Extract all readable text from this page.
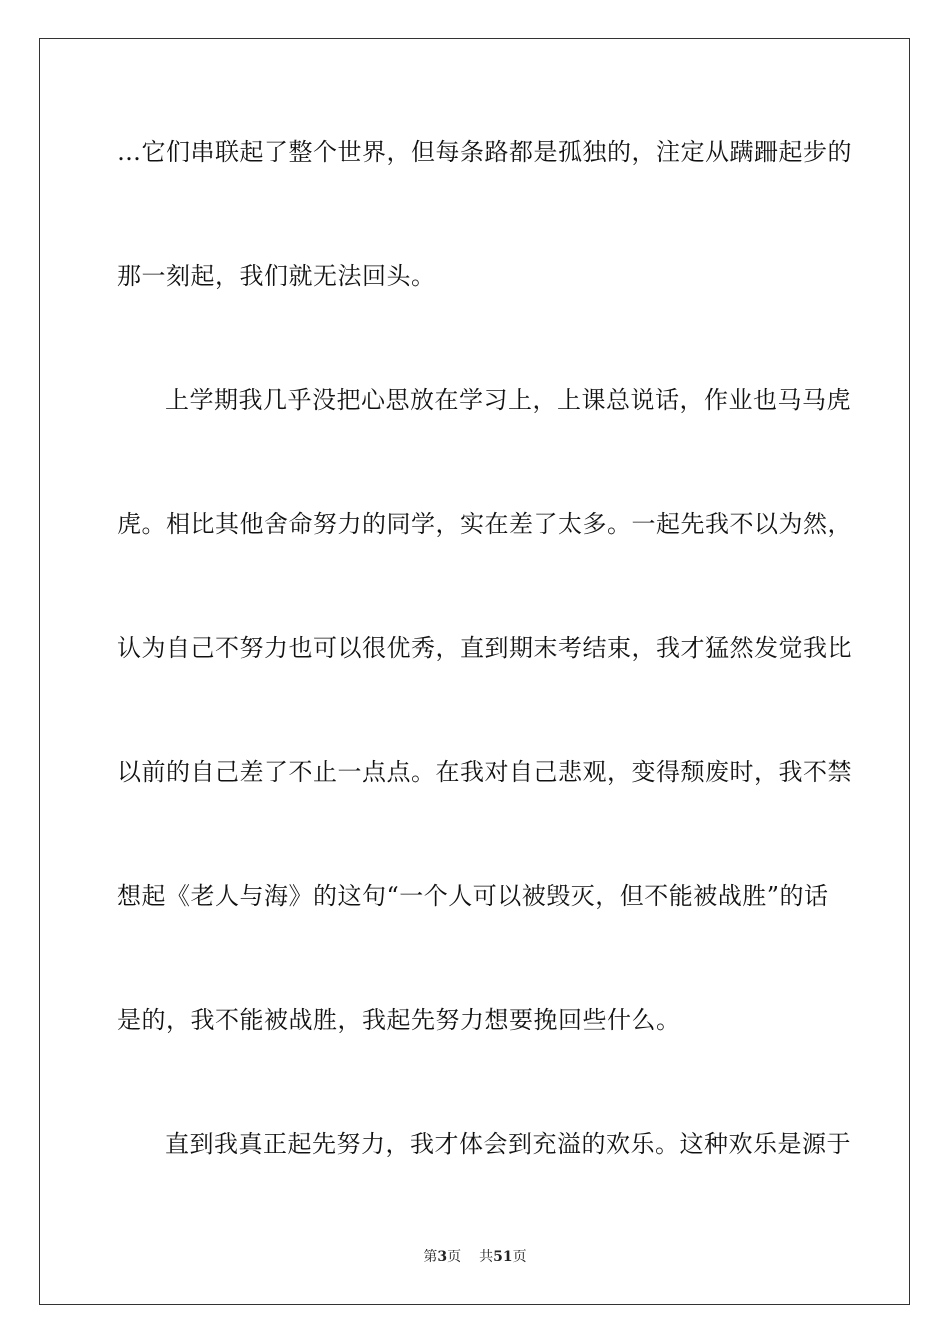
…它们串联起了整个世界，但每条路都是孤独的，注定从蹒跚起步的
那一刻起，我们就无法回头。
上学期我几乎没把心思放在学习上，上课总说话，作业也马马虎
虎。相比其他舍命努力的同学，实在差了太多。一起先我不以为然，
认为自己不努力也可以很优秀，直到期末考结束，我才猛然发觉我比
以前的自己差了不止一点点。在我对自己悲观，变得颓废时，我不禁
想起《老人与海》的这句“一个人可以被毁灭，但不能被战胜”的话
是的，我不能被战胜，我起先努力想要挽回些什么。
直到我真正起先努力，我才体会到充溢的欢乐。这种欢乐是源于
第3页 共51页
